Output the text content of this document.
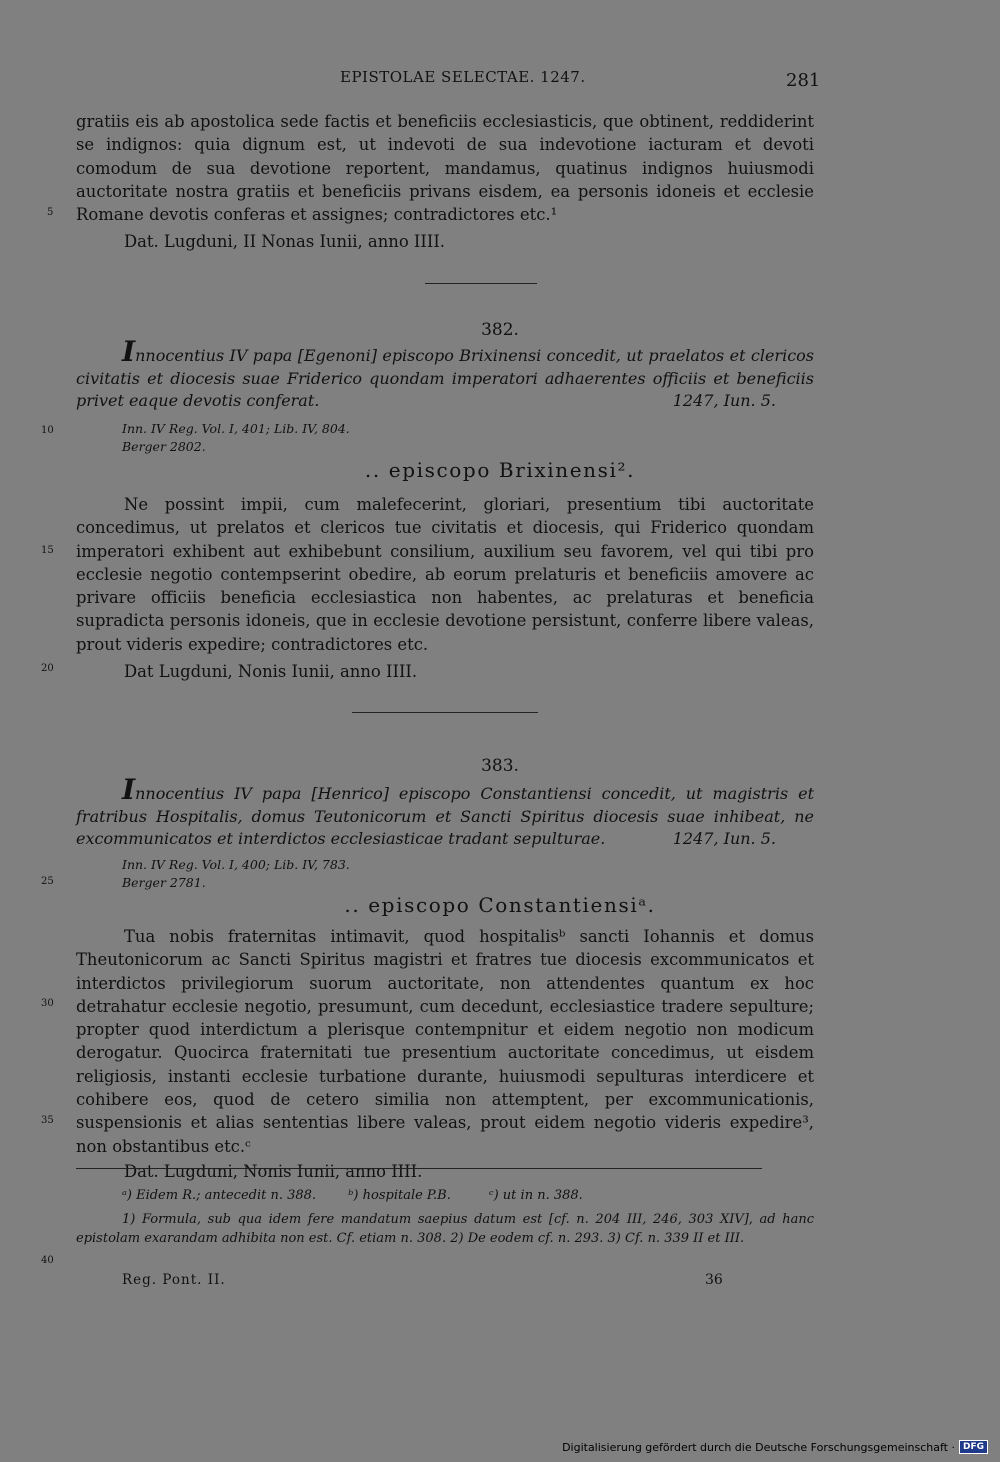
EPISTOLAE SELECTAE. 1247.	281

gratiis eis ab apostolica sede factis et beneficiis ecclesiasticis, que obtinent, reddiderint se indignos: quia dignum est, ut indevoti de sua indevotione iacturam et devoti comodum de sua devotione reportent, mandamus, quatinus indignos huiusmodi auctoritate nostra gratiis et beneficiis privans eisdem, ea personis idoneis et ecclesie Romane devotis conferas et assignes; contradictores etc.¹

Dat. Lugduni, II Nonas Iunii, anno IIII.

382.
Innocentius IV papa [Egenoni] episcopo Brixinensi concedit, ut praelatos et clericos civitatis et diocesis suae Friderico quondam imperatori adhaerentes officiis et beneficiis privet eaque devotis conferat.	1247, Iun. 5.
Inn. IV Reg. Vol. I, 401; Lib. IV, 804.
Berger 2802.
.. episcopo Brixinensi².

Ne possint impii, cum malefecerint, gloriari, presentium tibi auctoritate concedimus, ut prelatos et clericos tue civitatis et diocesis, qui Friderico quondam imperatori exhibent aut exhibebunt consilium, auxilium seu favorem, vel qui tibi pro ecclesie negotio contempserint obedire, ab eorum prelaturis et beneficiis amovere ac privare officiis beneficia ecclesiastica non habentes, ac prelaturas et beneficia supradicta personis idoneis, que in ecclesie devotione persistunt, conferre libere valeas, prout videris expedire; contradictores etc.

Dat Lugduni, Nonis Iunii, anno IIII.

383.
Innocentius IV papa [Henrico] episcopo Constantiensi concedit, ut magistris et fratribus Hospitalis, domus Teutonicorum et Sancti Spiritus diocesis suae inhibeat, ne excommunicatos et interdictos ecclesiasticae tradant sepulturae.	1247, Iun. 5.
Inn. IV Reg. Vol. I, 400; Lib. IV, 783.
Berger 2781.
.. episcopo Constantiensiᵃ.

Tua nobis fraternitas intimavit, quod hospitalisᵇ sancti Iohannis et domus Theutonicorum ac Sancti Spiritus magistri et fratres tue diocesis excommunicatos et interdictos privilegiorum suorum auctoritate, non attendentes quantum ex hoc detrahatur ecclesie negotio, presumunt, cum decedunt, ecclesiastice tradere sepulture; propter quod interdictum a plerisque contempnitur et eidem negotio non modicum derogatur. Quocirca fraternitati tue presentium auctoritate concedimus, ut eisdem religiosis, instanti ecclesie turbatione durante, huiusmodi sepulturas interdicere et cohibere eos, quod de cetero similia non attemptent, per excommunicationis, suspensionis et alias sententias libere valeas, prout eidem negotio videris expedire³, non obstantibus etc.ᶜ

Dat. Lugduni, Nonis Iunii, anno IIII.

ᵃ) Eidem R.; antecedit n. 388. ᵇ) hospitale P.B.	ᶜ) ut in n. 388.
1) Formula, sub qua idem fere mandatum saepius datum est [cf. n. 204 III, 246, 303 XIV], ad hanc epistolam exarandam adhibita non est. Cf. etiam n. 308. 2) De eodem cf. n. 293. 3) Cf. n. 339 II et III.
Reg. Pont. II.	36
5
10
15
20
25
30
35
40
Digitalisierung gefördert durch die Deutsche Forschungsgemeinschaft · DFG
